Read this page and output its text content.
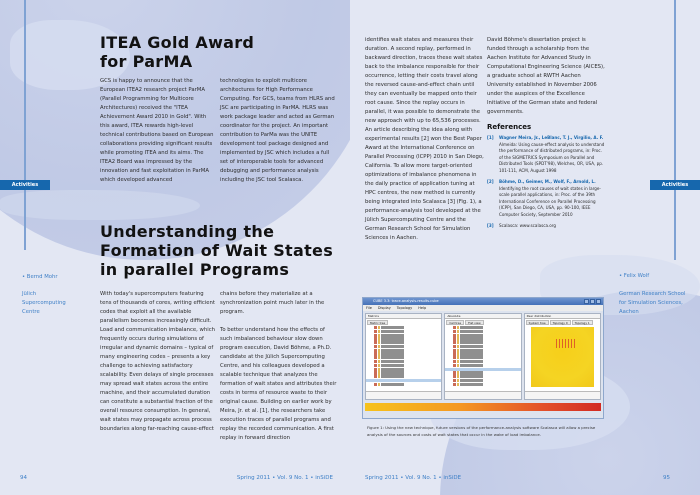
Activities
ITEA Gold Award
for ParMA
GCS is happy to announce that the European ITEA2 research project ParMA (Parallel Programming for Multicore Architectures) received the "ITEA Achievement Award 2010 in Gold". With this award, ITEA rewards high-level technical contributions based on European collaborations providing significant results while promoting ITEA and its aims. The ITEA2 Board was impressed by the innovation and fast exploitation in ParMA which developed advanced
technologies to exploit multicore architectures for High Performance Computing. For GCS, teams from HLRS and JSC are participating in ParMA. HLRS was work package leader and acted as German coordinator for the project. An important contribution to ParMa was the UNITE development tool package designed and implemented by JSC which includes a full set of interoperable tools for advanced debugging and performance analysis including the JSC tool Scalasca.
Understanding the
Formation of Wait States
in parallel Programs
• Bernd Mohr
Jülich Supercomputing Centre
With today's supercomputers featuring tens of thousands of cores, writing efficient codes that exploit all the available parallelism becomes increasingly difficult. Load and communication imbalance, which frequently occurs during simulations of irregular and dynamic domains – typical of many engineering codes – presents a key challenge to achieving satisfactory scalability. Even delays of single processes may spread wait states across the entire machine, and their accumulated duration can constitute a substantial fraction of the overall resource consumption. In general, wait states may propagate across process boundaries along far-reaching cause-effect

chains before they materialize at a synchronization point much later in the program.

To better understand how the effects of such imbalanced behaviour slow down program execution, David Böhme, a Ph.D. candidate at the Jülich Supercomputing Centre, and his colleagues developed a scalable technique that analyzes the formation of wait states and attributes their costs in terms of resource waste to their original cause. Building on earlier work by Meira, Jr. et al. [1], the researchers take execution traces of parallel programs and replay the recorded communication. A first replay in forward direction

94	Spring 2011 • Vol. 9 No. 1 • inSiDE
Activities
identifies wait states and measures their duration. A second replay, performed in backward direction, traces these wait states back to the imbalance responsible for their occurrence, letting their costs travel along the reversed cause-and-effect chain until they can eventually be mapped onto their root cause. Since the replay occurs in parallel, it was possible to demonstrate the new approach with up to 65,536 processes. An article describing the idea along with experimental results [2] won the Best Paper Award at the International Conference on Parallel Processing (ICPP) 2010 in San Diego, California. To allow more target-oriented optimizations of imbalance phenomena in the daily practice of application tuning at HPC centres, the new method is currently being integrated into Scalasca [3] (Fig. 1), a performance-analysis tool developed at the Jülich Supercomputing Centre and the German Research School for Simulation Sciences in Aachen.

David Böhme's dissertation project is funded through a scholarship from the Aachen Institute for Advanced Study in Computational Engineering Science (AICES), a graduate school at RWTH Aachen University established in November 2006 under the auspices of the Excellence Initiative of the German state and federal governments.

References
[1]	Wagner Meira, Jr., LeBlanc, T. J., Virgilio, A. F.
Almeida: Using cause-effect analysis to understand the performance of distributed programs, in: Proc. of the SIGMETRICS Symposium on Parallel and Distributed Tools (SPDT'98), Welches, OR, USA, pp. 101-111, ACM, August 1998
[2]	Böhme, D., Geimer, M., Wolf, F., Arnold, L.
Identifying the root causes of wait states in large-scale parallel applications, in: Proc. of the 39th International Conference on Parallel Processing (ICPP), San Diego, CA, USA, pp. 90-100, IEEE Computer Society, September 2010
[3]	Scalasca: www.scalasca.org
• Felix Wolf
German Research School for Simulation Sciences, Aachen
Figure 1: Using the new technique, future versions of the performance-analysis software Scalasca will allow a precise analysis of the sources and costs of wait states that occur in the wake of load imbalance.
Spring 2011 • Vol. 9 No. 1 • inSiDE	95
CUBE 3.3: trace-analysis-results.cube
File Display Topology Help
Metrics
Metric tree
Absolute
Call tree	Flat view
Peer distribution
System tree	Topology 0	Topology 1
